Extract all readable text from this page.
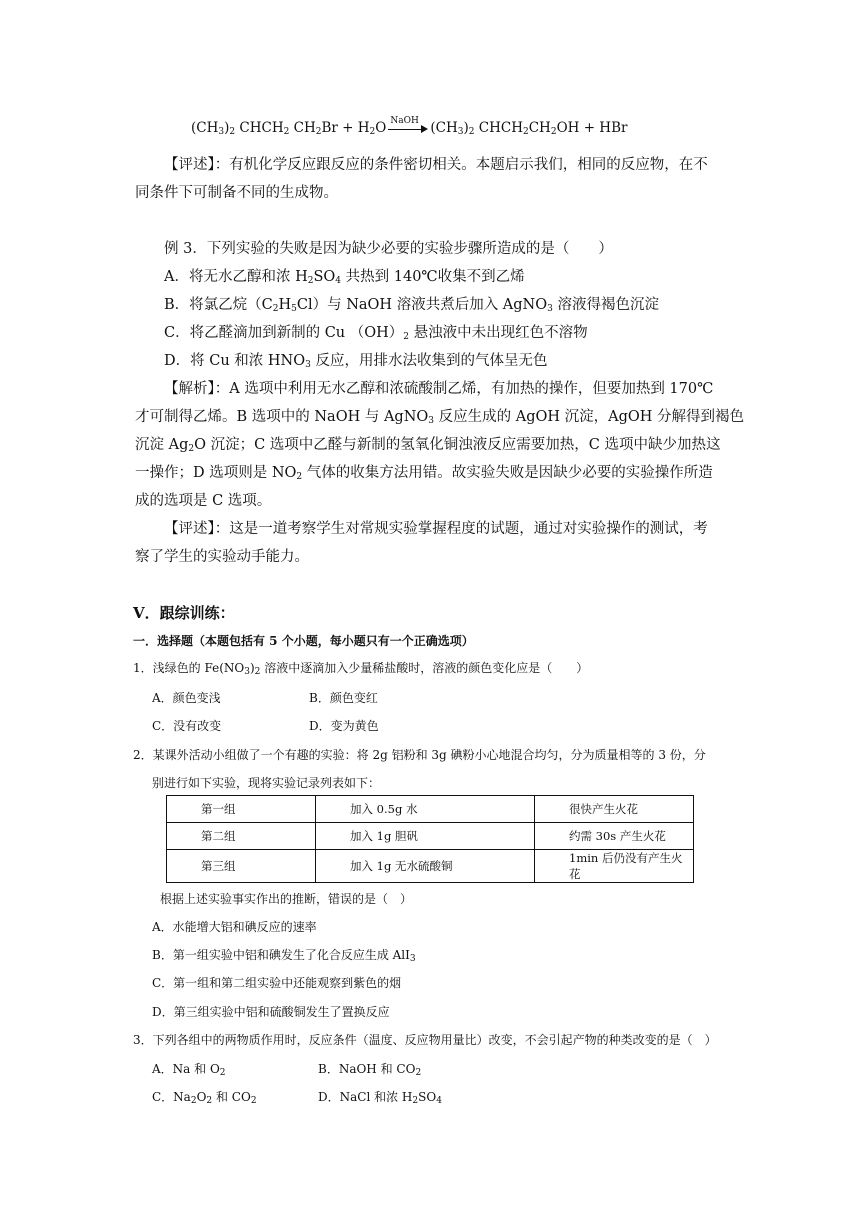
$(CH_3)_2$ $CHCH_2$ $CH_2Br + H_2O$ NaOH $(CH_3)_2$ $CHCH_2CH_2OH$ + HBr
【评述】：有机化学反应跟反应的条件密切相关。本题启示我们，相同的反应物，在不
同条件下可制备不同的生成物。
例 3．下列实验的失败是因为缺少必要的实验步骤所造成的是（　　）
A．将无水乙醇和浓 $H_2SO_4$ 共热到 140℃收集不到乙烯
B．将氯乙烷$(C_2H_5Cl)$与 NaOH 溶液共煮后加入 AgNO$_3$ 溶液得褐色沉淀
C．将乙醛滴加到新制的 Cu $(OH)_2$ 悬浊液中未出现红色不溶物
D．将 Cu 和浓 $HNO_3$ 反应，用排水法收集到的气体呈无色
【解析】：A 选项中利用无水乙醇和浓硫酸制乙烯，有加热的操作，但要加热到 170℃
才可制得乙烯。B 选项中的 NaOH 与 AgNO$_3$ 反应生成的 AgOH 沉淀，AgOH 分解得到褐色
沉淀 $Ag_2O$ 沉淀；C 选项中乙醛与新制的氢氧化铜浊液反应需要加热，C 选项中缺少加热这
一操作；D 选项则是 $NO_2$ 气体的收集方法用错。故实验失败是因缺少必要的实验操作所造
成的选项是 C 选项。
【评述】：这是一道考察学生对常规实验掌握程度的试题，通过对实验操作的测试，考
察了学生的实验动手能力。
V．跟综训练：
一．选择题（本题包括有 5 个小题，每小题只有一个正确选项）
1．浅绿色的 $Fe(NO_3)_2$ 溶液中逐滴加入少量稀盐酸时，溶液的颜色变化应是（　　）
A．颜色变浅	B．颜色变红
C．没有改变	D．变为黄色
2．某课外活动小组做了一个有趣的实验：将 2g 铝粉和 3g 碘粉小心地混合均匀，分为质量相等的 3 份，分
别进行如下实验，现将实验记录列表如下：
第一组	加入 0.5g 水	很快产生火花
第二组	加入 1g 胆矾	约需 30s 产生火花
第三组	加入 1g 无水硫酸铜	1min 后仍没有产生火花
根据上述实验事实作出的推断，错误的是（　）
A．水能增大铝和碘反应的速率
B．第一组实验中铝和碘发生了化合反应生成 AlI$_3$
C．第一组和第二组实验中还能观察到紫色的烟
D．第三组实验中铝和硫酸铜发生了置换反应
3．下列各组中的两物质作用时，反应条件（温度、反应物用量比）改变，不会引起产物的种类改变的是（　）
A．Na 和 $O_2$	B．NaOH 和 $CO_2$
C．$Na_2O_2$ 和 $CO_2$	D．NaCl 和浓 $H_2SO_4$
